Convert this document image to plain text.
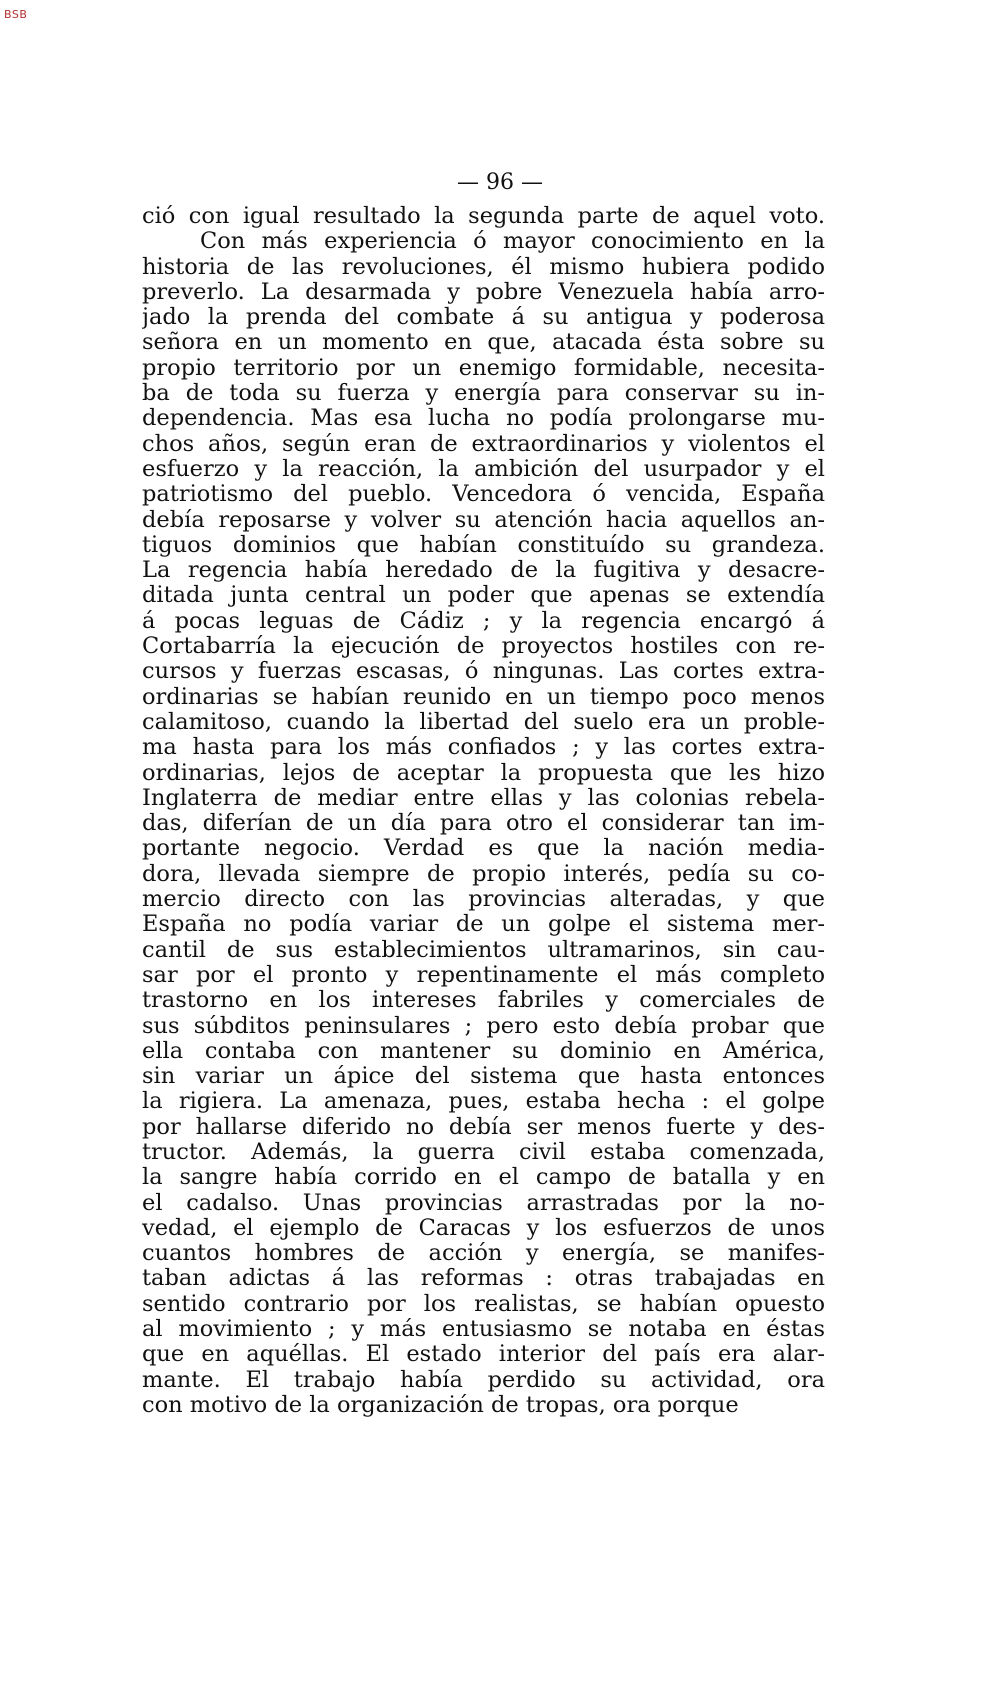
BSB
— 96 —
ció con igual resultado la segunda parte de aquel voto.
Con más experiencia ó mayor conocimiento en la
historia de las revoluciones, él mismo hubiera podido
preverlo. La desarmada y pobre Venezuela había arro-
jado la prenda del combate á su antigua y poderosa
señora en un momento en que, atacada ésta sobre su
propio territorio por un enemigo formidable, necesita-
ba de toda su fuerza y energía para conservar su in-
dependencia. Mas esa lucha no podía prolongarse mu-
chos años, según eran de extraordinarios y violentos el
esfuerzo y la reacción, la ambición del usurpador y el
patriotismo del pueblo. Vencedora ó vencida, España
debía reposarse y volver su atención hacia aquellos an-
tiguos dominios que habían constituído su grandeza.
La regencia había heredado de la fugitiva y desacre-
ditada junta central un poder que apenas se extendía
á pocas leguas de Cádiz ; y la regencia encargó á
Cortabarría la ejecución de proyectos hostiles con re-
cursos y fuerzas escasas, ó ningunas. Las cortes extra-
ordinarias se habían reunido en un tiempo poco menos
calamitoso, cuando la libertad del suelo era un proble-
ma hasta para los más confiados ; y las cortes extra-
ordinarias, lejos de aceptar la propuesta que les hizo
Inglaterra de mediar entre ellas y las colonias rebela-
das, diferían de un día para otro el considerar tan im-
portante negocio. Verdad es que la nación media-
dora, llevada siempre de propio interés, pedía su co-
mercio directo con las provincias alteradas, y que
España no podía variar de un golpe el sistema mer-
cantil de sus establecimientos ultramarinos, sin cau-
sar por el pronto y repentinamente el más completo
trastorno en los intereses fabriles y comerciales de
sus súbditos peninsulares ; pero esto debía probar que
ella contaba con mantener su dominio en América,
sin variar un ápice del sistema que hasta entonces
la rigiera. La amenaza, pues, estaba hecha : el golpe
por hallarse diferido no debía ser menos fuerte y des-
tructor. Además, la guerra civil estaba comenzada,
la sangre había corrido en el campo de batalla y en
el cadalso. Unas provincias arrastradas por la no-
vedad, el ejemplo de Caracas y los esfuerzos de unos
cuantos hombres de acción y energía, se manifes-
taban adictas á las reformas : otras trabajadas en
sentido contrario por los realistas, se habían opuesto
al movimiento ; y más entusiasmo se notaba en éstas
que en aquéllas. El estado interior del país era alar-
mante. El trabajo había perdido su actividad, ora
con motivo de la organización de tropas, ora porque
